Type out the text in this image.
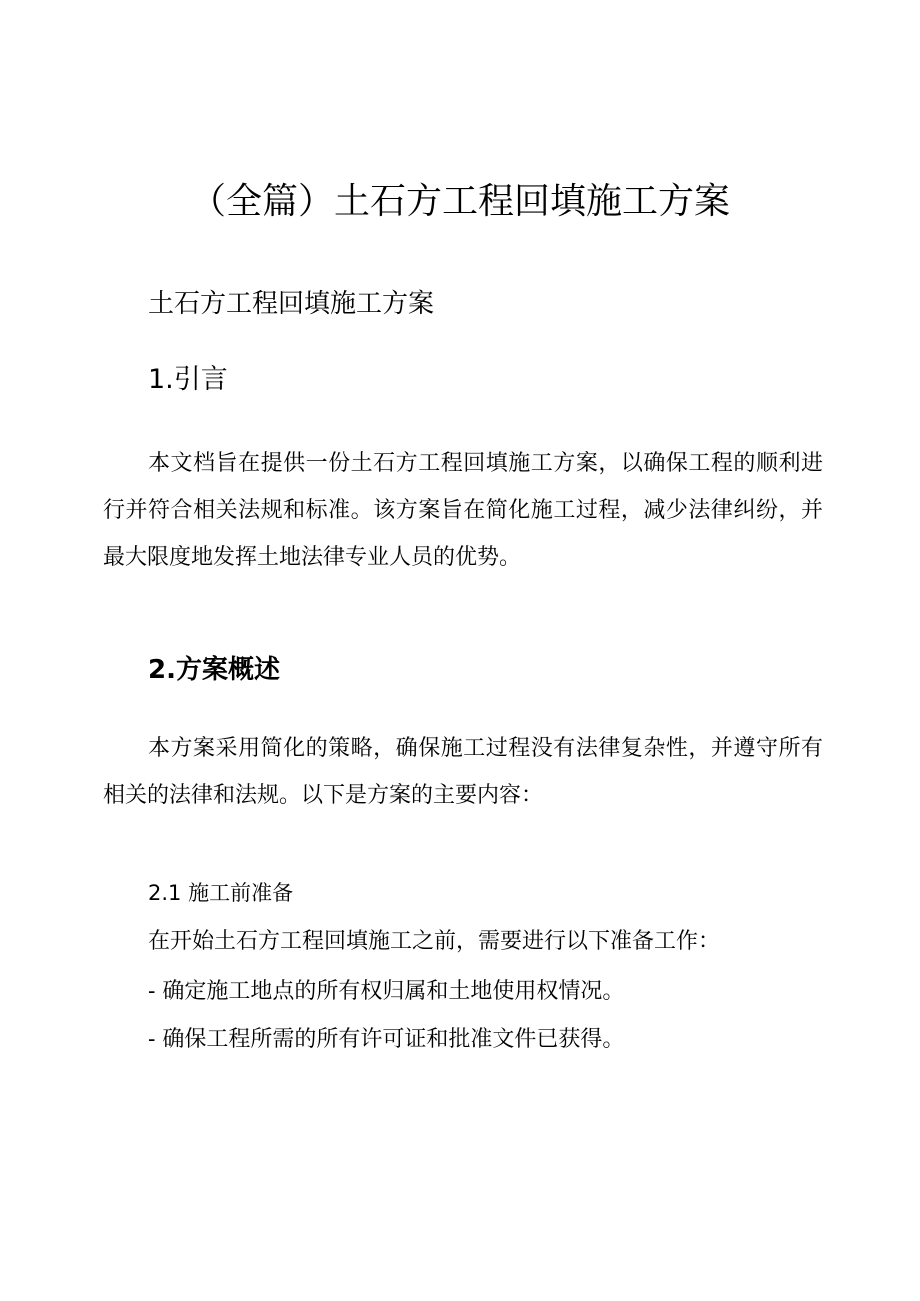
（全篇）土石方工程回填施工方案
土石方工程回填施工方案
1.引言
本文档旨在提供一份土石方工程回填施工方案，以确保工程的顺利进行并符合相关法规和标准。该方案旨在简化施工过程，减少法律纠纷，并最大限度地发挥土地法律专业人员的优势。
2.方案概述
本方案采用简化的策略，确保施工过程没有法律复杂性，并遵守所有相关的法律和法规。以下是方案的主要内容：
2.1 施工前准备
在开始土石方工程回填施工之前，需要进行以下准备工作：
- 确定施工地点的所有权归属和土地使用权情况。
- 确保工程所需的所有许可证和批准文件已获得。
